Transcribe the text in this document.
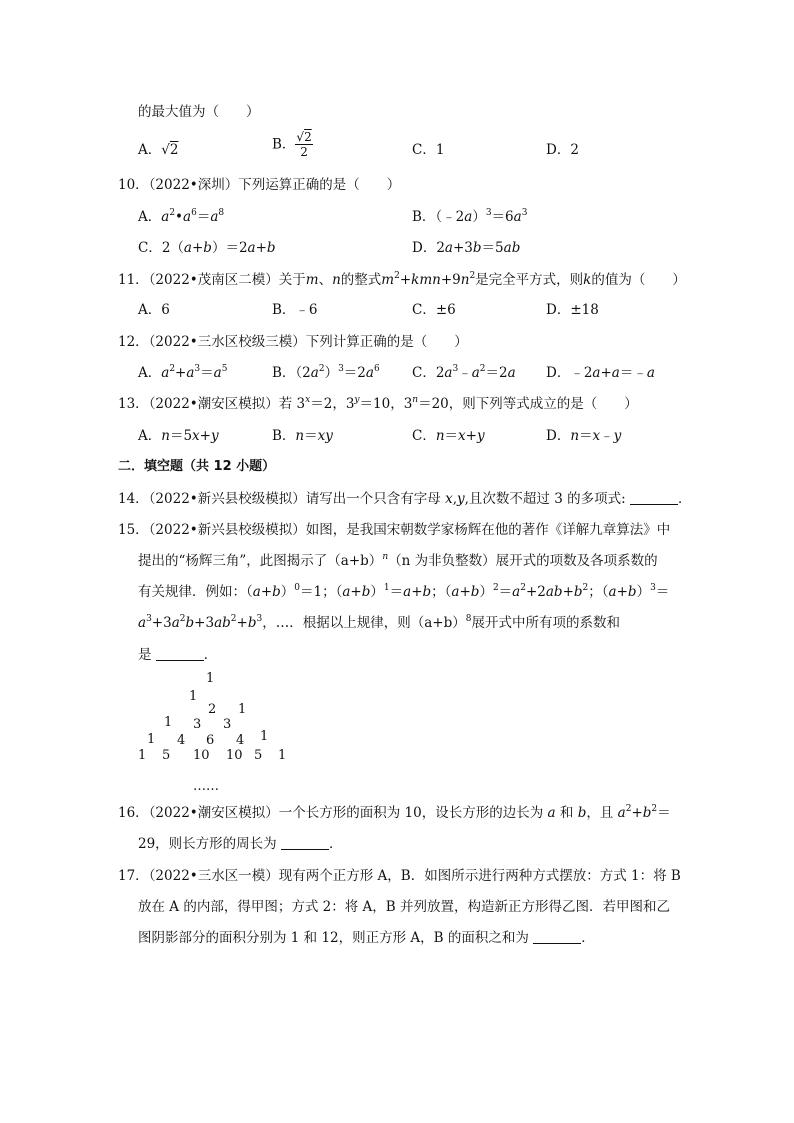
的最大值为（　　）
A．√2	B． $\frac{√2}{2}$	C．1	D．2
10．（2022•深圳）下列运算正确的是（　　）
A．$a^2•a^6=a^8$	B．$(﹣2a)^3=6a^3$
C．2（a+b）＝2a+b	D．2a+3b＝5ab
11．（2022•茂南区二模）关于m、n的整式$m^2+kmn+9n^2$是完全平方式，则k的值为（　　）
A．6	B．﹣6	C．±6	D．±18
12．（2022•三水区校级三模）下列计算正确的是（　　）
A．$a^2+a^3=a^5$	B．$(2a^2)^3=2a^6$ C．$2a^3﹣a^2=2a$ D．﹣2a+a＝﹣a
13．（2022•潮安区模拟）若 $3^x=2$，$3^y=10$，$3^n=20$，则下列等式成立的是（　　）
A．n＝5x+y	B．n＝xy	C．n＝x+y	D．n＝x﹣y
二．填空题（共 12 小题）
14．（2022•新兴县校级模拟）请写出一个只含有字母 x,y,且次数不超过 3 的多项式:	．
15．（2022•新兴县校级模拟）如图，是我国宋朝数学家杨辉在他的著作《详解九章算法》中
提出的“杨辉三角”，此图揭示了$(a+b)^n(n$ 为非负整数）展开式的项数及各项系数的
有关规律．例如：$(a+b)^0=1$；$(a+b)^1=a+b$；$(a+b)^2=a^2+2ab+b^2$；$(a+b)^3=$
$a^3+3a^2b+3ab^2+b^3$，…．根据以上规律，则$(a+b)^8$展开式中所有项的系数和
是	．
1
1
2 1
1 3 3
1 4 6 4 1
1 5 10 10 5 1
……
16．（2022•潮安区模拟）一个长方形的面积为 10，设长方形的边长为 a 和 b，且 $a^2+b^2=$
29，则长方形的周长为	．
17．（2022•三水区一模）现有两个正方形 A，B．如图所示进行两种方式摆放：方式 1：将 B
放在 A 的内部，得甲图；方式 2：将 A，B 并列放置，构造新正方形得乙图．若甲图和乙
图阴影部分的面积分别为 1 和 12，则正方形 A，B 的面积之和为	．
